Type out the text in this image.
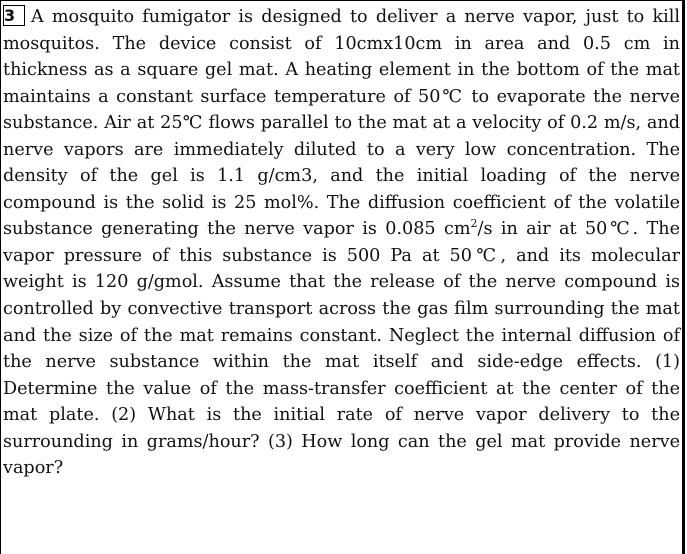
3 A mosquito fumigator is designed to deliver a nerve vapor, just to kill mosquitos. The device consist of 10cmx10cm in area and 0.5 cm in thickness as a square gel mat. A heating element in the bottom of the mat maintains a constant surface temperature of 50℃ to evaporate the nerve substance. Air at 25℃ flows parallel to the mat at a velocity of 0.2 m/s, and nerve vapors are immediately diluted to a very low concentration. The density of the gel is 1.1 g/cm3, and the initial loading of the nerve compound is the solid is 25 mol%. The diffusion coefficient of the volatile substance generating the nerve vapor is 0.085 $cm^2/s$ in air at 50℃. The vapor pressure of this substance is 500 Pa at 50℃, and its molecular weight is 120 g/gmol. Assume that the release of the nerve compound is controlled by convective transport across the gas film surrounding the mat and the size of the mat remains constant. Neglect the internal diffusion of the nerve substance within the mat itself and side-edge effects. (1) Determine the value of the mass-transfer coefficient at the center of the mat plate. (2) What is the initial rate of nerve vapor delivery to the surrounding in grams/hour? (3) How long can the gel mat provide nerve vapor?
